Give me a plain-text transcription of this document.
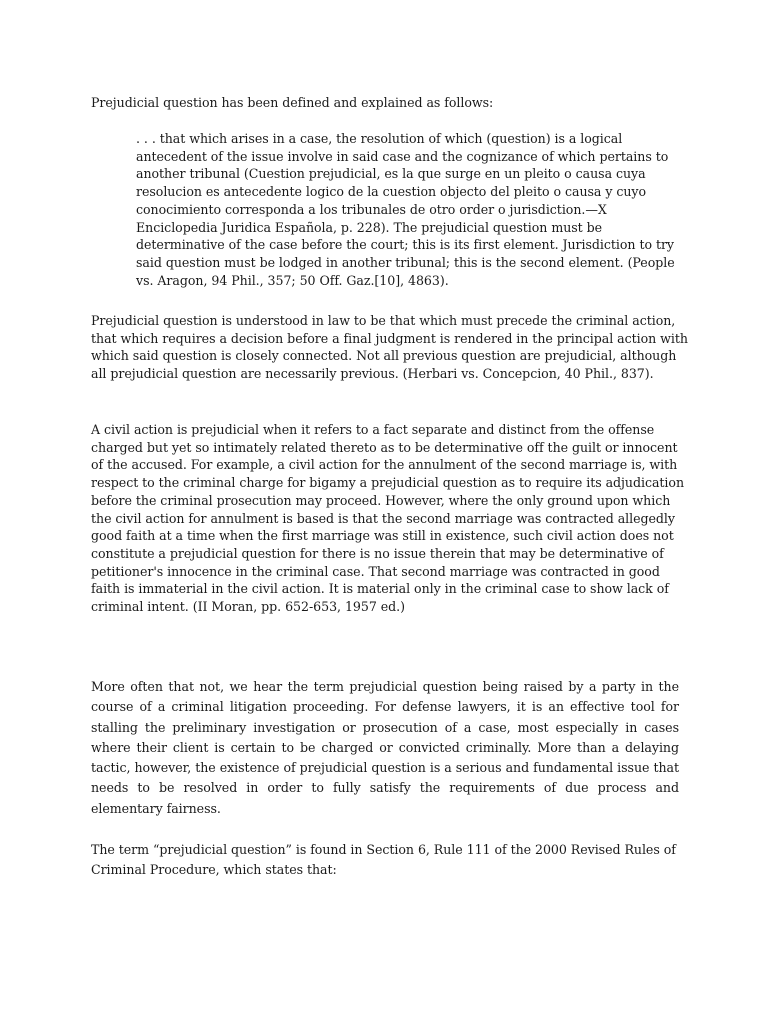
Prejudicial question has been defined and explained as follows:

. . . that which arises in a case, the resolution of which (question) is a logical antecedent of the issue involve in said case and the cognizance of which pertains to another tribunal (Cuestion prejudicial, es la que surge en un pleito o causa cuya resolucion es antecedente logico de la cuestion objecto del pleito o causa y cuyo conocimiento corresponda a los tribunales de otro order o jurisdiction.—X Enciclopedia Juridica Española, p. 228). The prejudicial question must be determinative of the case before the court; this is its first element. Jurisdiction to try said question must be lodged in another tribunal; this is the second element. (People vs. Aragon, 94 Phil., 357; 50 Off. Gaz.[10], 4863).

Prejudicial question is understood in law to be that which must precede the criminal action, that which requires a decision before a final judgment is rendered in the principal action with which said question is closely connected. Not all previous question are prejudicial, although all prejudicial question are necessarily previous. (Herbari vs. Concepcion, 40 Phil., 837).

A civil action is prejudicial when it refers to a fact separate and distinct from the offense charged but yet so intimately related thereto as to be determinative off the guilt or innocent of the accused. For example, a civil action for the annulment of the second marriage is, with respect to the criminal charge for bigamy a prejudicial question as to require its adjudication before the criminal prosecution may proceed. However, where the only ground upon which the civil action for annulment is based is that the second marriage was contracted allegedly good faith at a time when the first marriage was still in existence, such civil action does not constitute a prejudicial question for there is no issue therein that may be determinative of petitioner's innocence in the criminal case. That second marriage was contracted in good faith is immaterial in the civil action. It is material only in the criminal case to show lack of criminal intent. (II Moran, pp. 652-653, 1957 ed.)

More often that not, we hear the term prejudicial question being raised by a party in the course of a criminal litigation proceeding. For defense lawyers, it is an effective tool for stalling the preliminary investigation or prosecution of a case, most especially in cases where their client is certain to be charged or convicted criminally. More than a delaying tactic, however, the existence of prejudicial question is a serious and fundamental issue that needs to be resolved in order to fully satisfy the requirements of due process and elementary fairness.

The term “prejudicial question” is found in Section 6, Rule 111 of the 2000 Revised Rules of Criminal Procedure, which states that:
